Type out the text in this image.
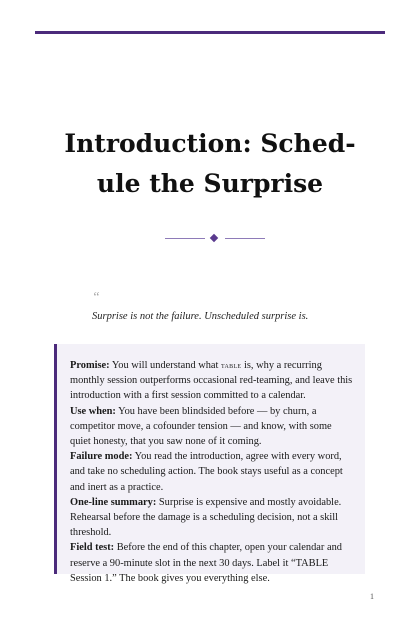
Introduction: Sched-
ule the Surprise
“
Surprise is not the failure. Unscheduled surprise is.

Promise: You will understand what table is, why a recurring monthly session outperforms occasional red-teaming, and leave this introduction with a first session committed to a calendar.

Use when: You have been blindsided before — by churn, a competitor move, a cofounder tension — and know, with some quiet honesty, that you saw none of it coming.

Failure mode: You read the introduction, agree with every word, and take no scheduling action. The book stays useful as a concept and inert as a practice.

One-line summary: Surprise is expensive and mostly avoidable. Rehearsal before the damage is a scheduling decision, not a skill threshold.

Field test: Before the end of this chapter, open your calendar and reserve a 90-minute slot in the next 30 days. Label it “TABLE Session 1.” The book gives you everything else.

1
